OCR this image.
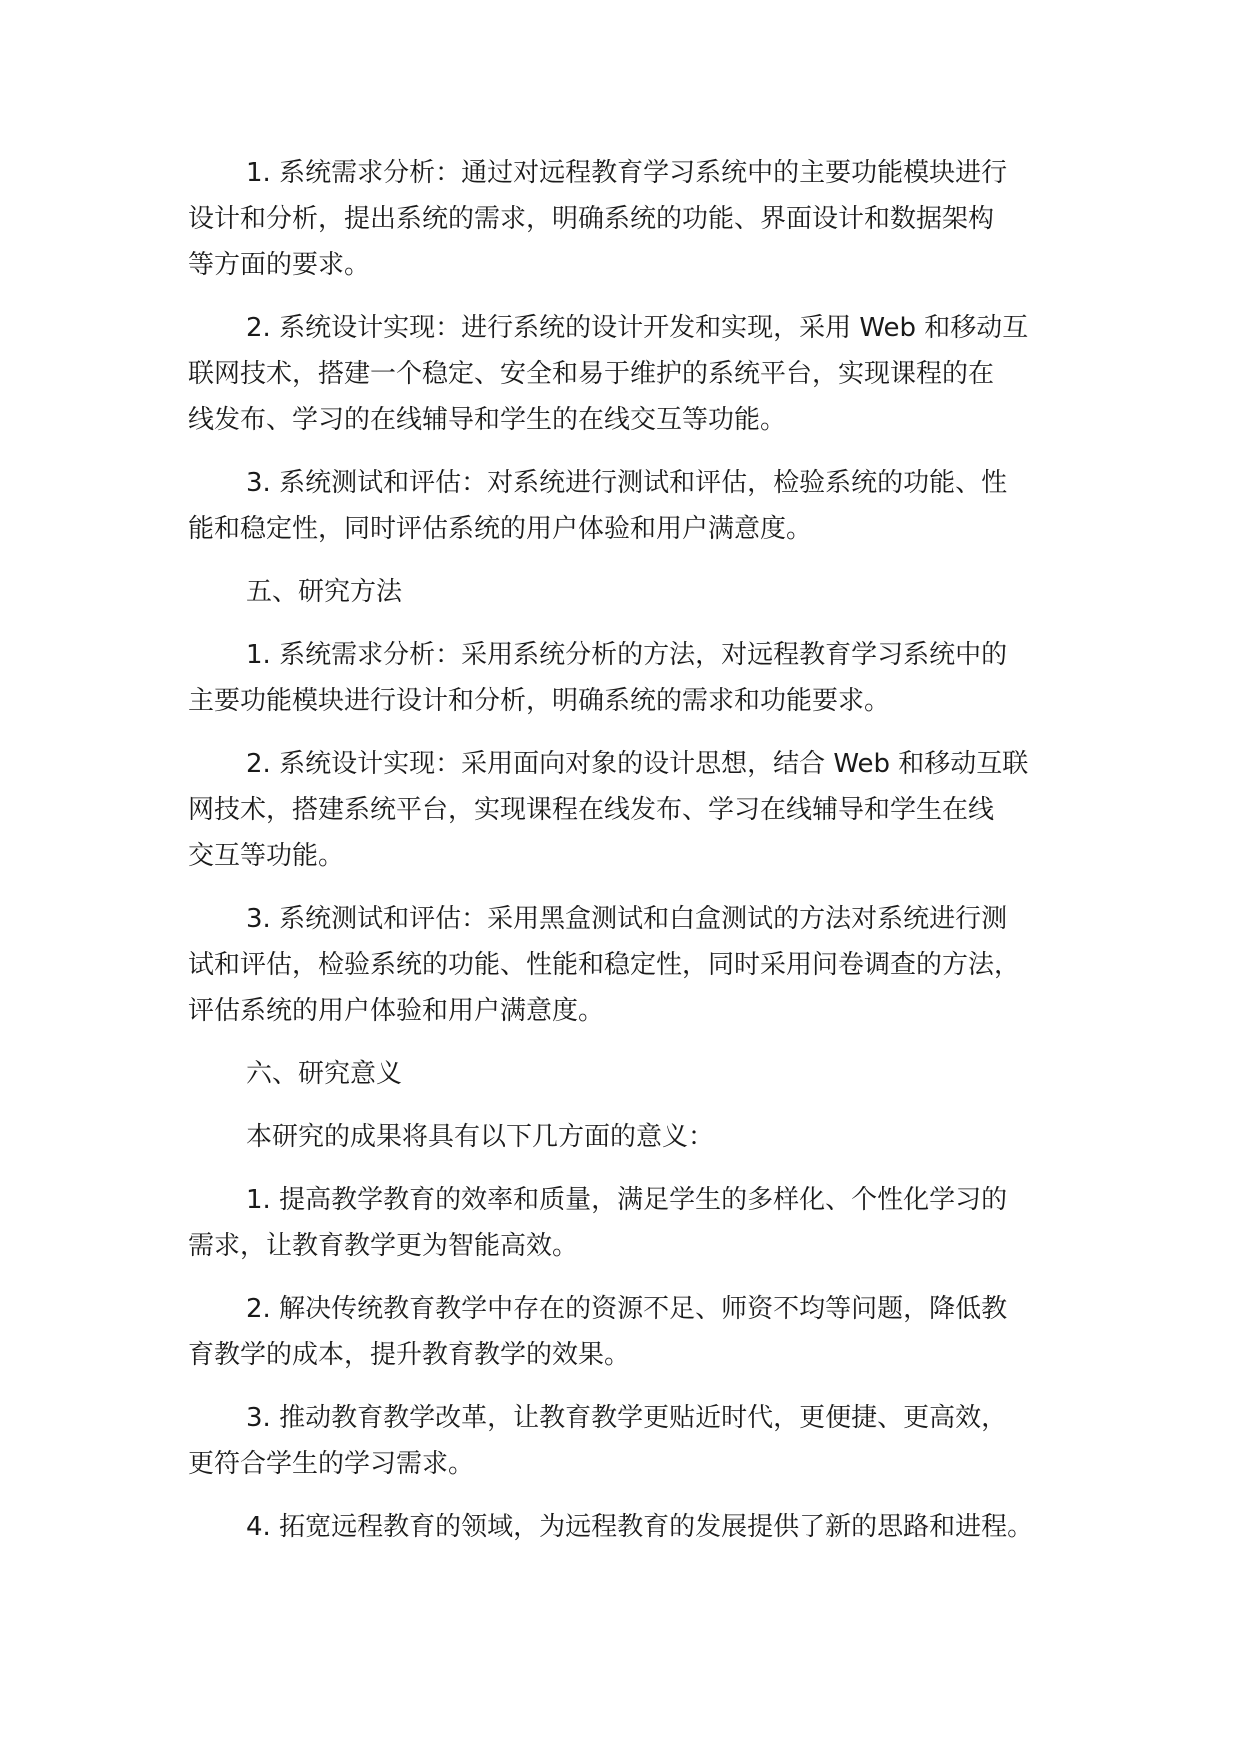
1. 系统需求分析：通过对远程教育学习系统中的主要功能模块进行
设计和分析，提出系统的需求，明确系统的功能、界面设计和数据架构
等方面的要求。

2. 系统设计实现：进行系统的设计开发和实现，采用 Web 和移动互
联网技术，搭建一个稳定、安全和易于维护的系统平台，实现课程的在
线发布、学习的在线辅导和学生的在线交互等功能。

3. 系统测试和评估：对系统进行测试和评估，检验系统的功能、性
能和稳定性，同时评估系统的用户体验和用户满意度。

五、研究方法

1. 系统需求分析：采用系统分析的方法，对远程教育学习系统中的
主要功能模块进行设计和分析，明确系统的需求和功能要求。

2. 系统设计实现：采用面向对象的设计思想，结合 Web 和移动互联
网技术，搭建系统平台，实现课程在线发布、学习在线辅导和学生在线
交互等功能。

3. 系统测试和评估：采用黑盒测试和白盒测试的方法对系统进行测
试和评估，检验系统的功能、性能和稳定性，同时采用问卷调查的方法，
评估系统的用户体验和用户满意度。

六、研究意义

本研究的成果将具有以下几方面的意义：

1. 提高教学教育的效率和质量，满足学生的多样化、个性化学习的
需求，让教育教学更为智能高效。

2. 解决传统教育教学中存在的资源不足、师资不均等问题，降低教
育教学的成本，提升教育教学的效果。

3. 推动教育教学改革，让教育教学更贴近时代，更便捷、更高效，
更符合学生的学习需求。

4. 拓宽远程教育的领域，为远程教育的发展提供了新的思路和进程。
